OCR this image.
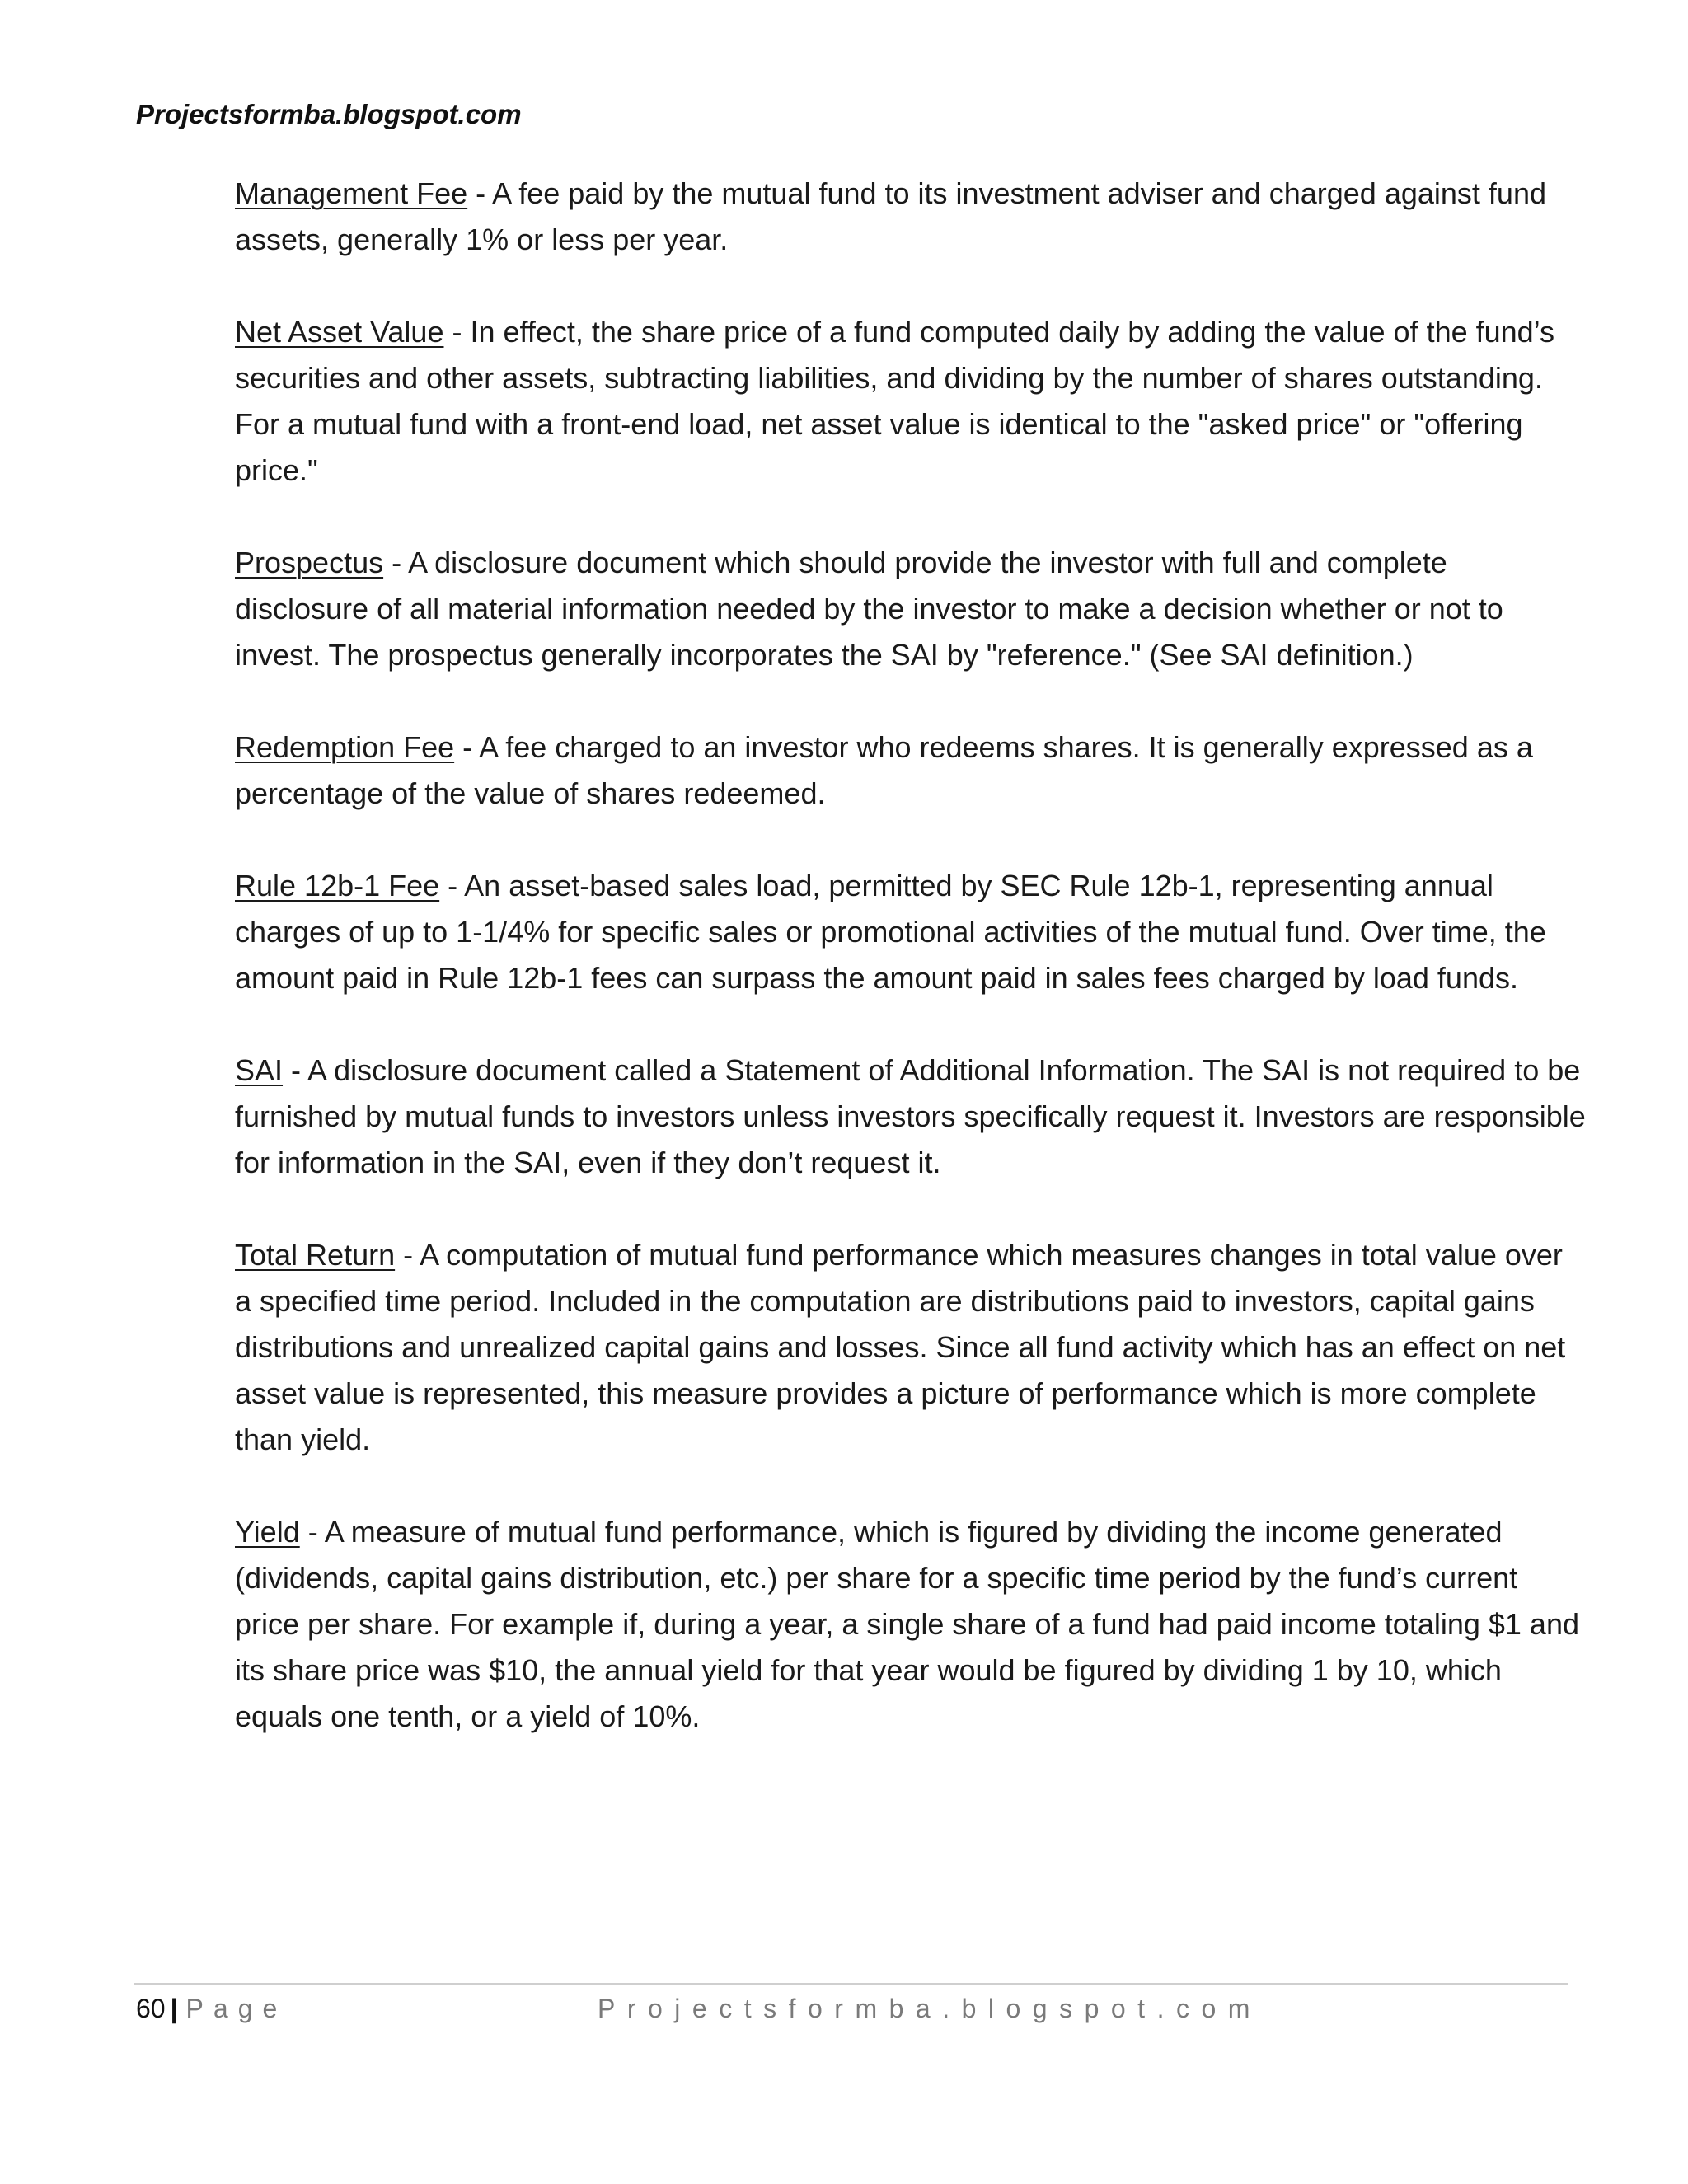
Projectsformba.blogspot.com

Management Fee - A fee paid by the mutual fund to its investment adviser and charged against fund assets, generally 1% or less per year.

Net Asset Value - In effect, the share price of a fund computed daily by adding the value of the fund’s securities and other assets, subtracting liabilities, and dividing by the number of shares outstanding. For a mutual fund with a front-end load, net asset value is identical to the "asked price" or "offering price."

Prospectus - A disclosure document which should provide the investor with full and complete disclosure of all material information needed by the investor to make a decision whether or not to invest. The prospectus generally incorporates the SAI by "reference." (See SAI definition.)

Redemption Fee - A fee charged to an investor who redeems shares. It is generally expressed as a percentage of the value of shares redeemed.

Rule 12b-1 Fee - An asset-based sales load, permitted by SEC Rule 12b-1, representing annual charges of up to 1-1/4% for specific sales or promotional activities of the mutual fund. Over time, the amount paid in Rule 12b-1 fees can surpass the amount paid in sales fees charged by load funds.

SAI - A disclosure document called a Statement of Additional Information. The SAI is not required to be furnished by mutual funds to investors unless investors specifically request it. Investors are responsible for information in the SAI, even if they don’t request it.

Total Return - A computation of mutual fund performance which measures changes in total value over a specified time period. Included in the computation are distributions paid to investors, capital gains distributions and unrealized capital gains and losses. Since all fund activity which has an effect on net asset value is represented, this measure provides a picture of performance which is more complete than yield.

Yield - A measure of mutual fund performance, which is figured by dividing the income generated (dividends, capital gains distribution, etc.) per share for a specific time period by the fund’s current price per share. For example if, during a year, a single share of a fund had paid income totaling $1 and its share price was $10, the annual yield for that year would be figured by dividing 1 by 10, which equals one tenth, or a yield of 10%.

60 | Page	Projectsformba.blogspot.com
